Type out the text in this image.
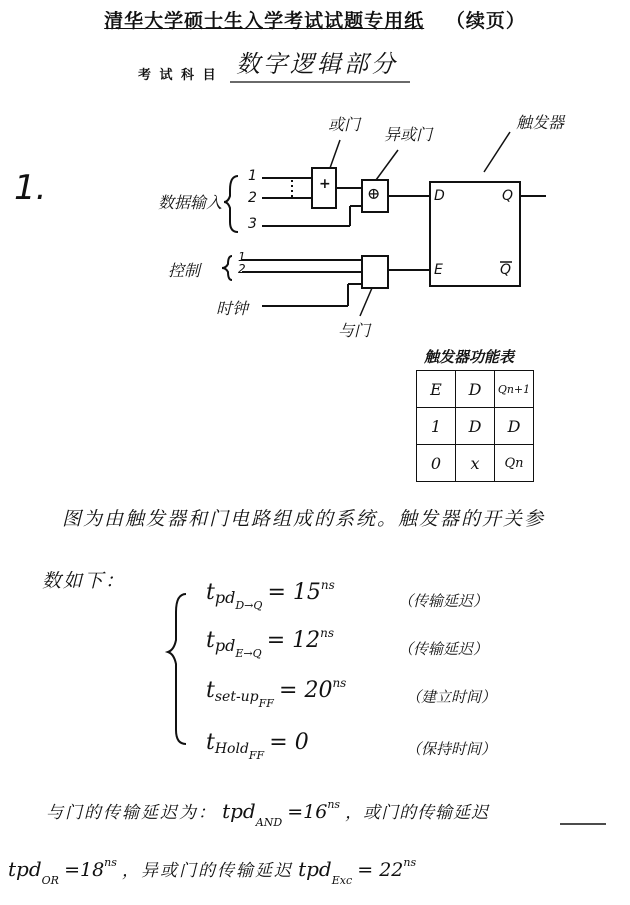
清华大学硕士生入学考试试题专用纸 （续页）
考 试 科 目 数字逻辑部分
1.
或门
异或门
触发器
与门
数据输入
1
2
3
控制
1
2
时钟
+ ⊕	D
E
Q
Q
触发器功能表
E	D	Qn+1
1	D	D
0	x	Qn
图为由触发器和门电路组成的系统。触发器的开关参
数如下：	$tpd_{D\to Q} = 15^{ns}$
（传输延迟）
$tpd_{E\to Q} = 12^{ns}$
（传输延迟）
tset-$up_{FF} = 20^{ns}$
（建立时间）
tHold$_{FF}$ = 0	（保持时间）
与门的传输延迟为： $tpd_{AND} =16^{ns}$ ，或门的传输延迟
$tpd_{OR} =18^{ns}$ ，异或门的传输延迟 $tpd_{Exc} = 22^{ns}$
